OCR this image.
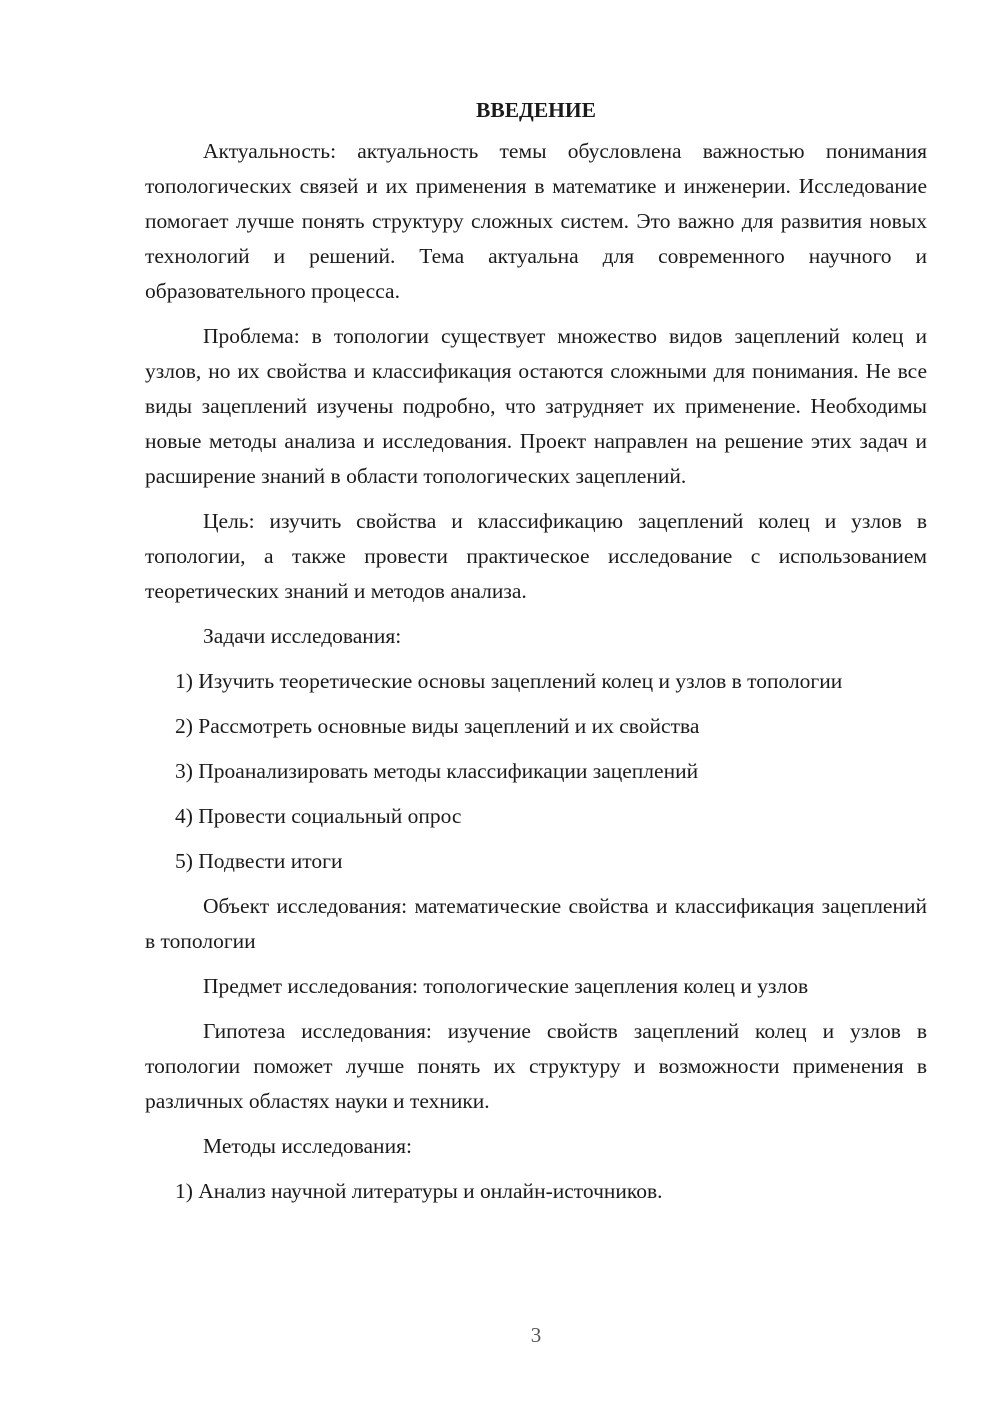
ВВЕДЕНИЕ

Актуальность: актуальность темы обусловлена важностью понимания топологических связей и их применения в математике и инженерии. Исследование помогает лучше понять структуру сложных систем. Это важно для развития новых технологий и решений. Тема актуальна для современного научного и образовательного процесса.

Проблема: в топологии существует множество видов зацеплений колец и узлов, но их свойства и классификация остаются сложными для понимания. Не все виды зацеплений изучены подробно, что затрудняет их применение. Необходимы новые методы анализа и исследования. Проект направлен на решение этих задач и расширение знаний в области топологических зацеплений.

Цель: изучить свойства и классификацию зацеплений колец и узлов в топологии, а также провести практическое исследование с использованием теоретических знаний и методов анализа.

Задачи исследования:

1) Изучить теоретические основы зацеплений колец и узлов в топологии

2) Рассмотреть основные виды зацеплений и их свойства

3) Проанализировать методы классификации зацеплений

4) Провести социальный опрос

5) Подвести итоги

Объект исследования: математические свойства и классификация зацеплений в топологии

Предмет исследования: топологические зацепления колец и узлов

Гипотеза исследования: изучение свойств зацеплений колец и узлов в топологии поможет лучше понять их структуру и возможности применения в различных областях науки и техники.

Методы исследования:

1) Анализ научной литературы и онлайн-источников.

3
